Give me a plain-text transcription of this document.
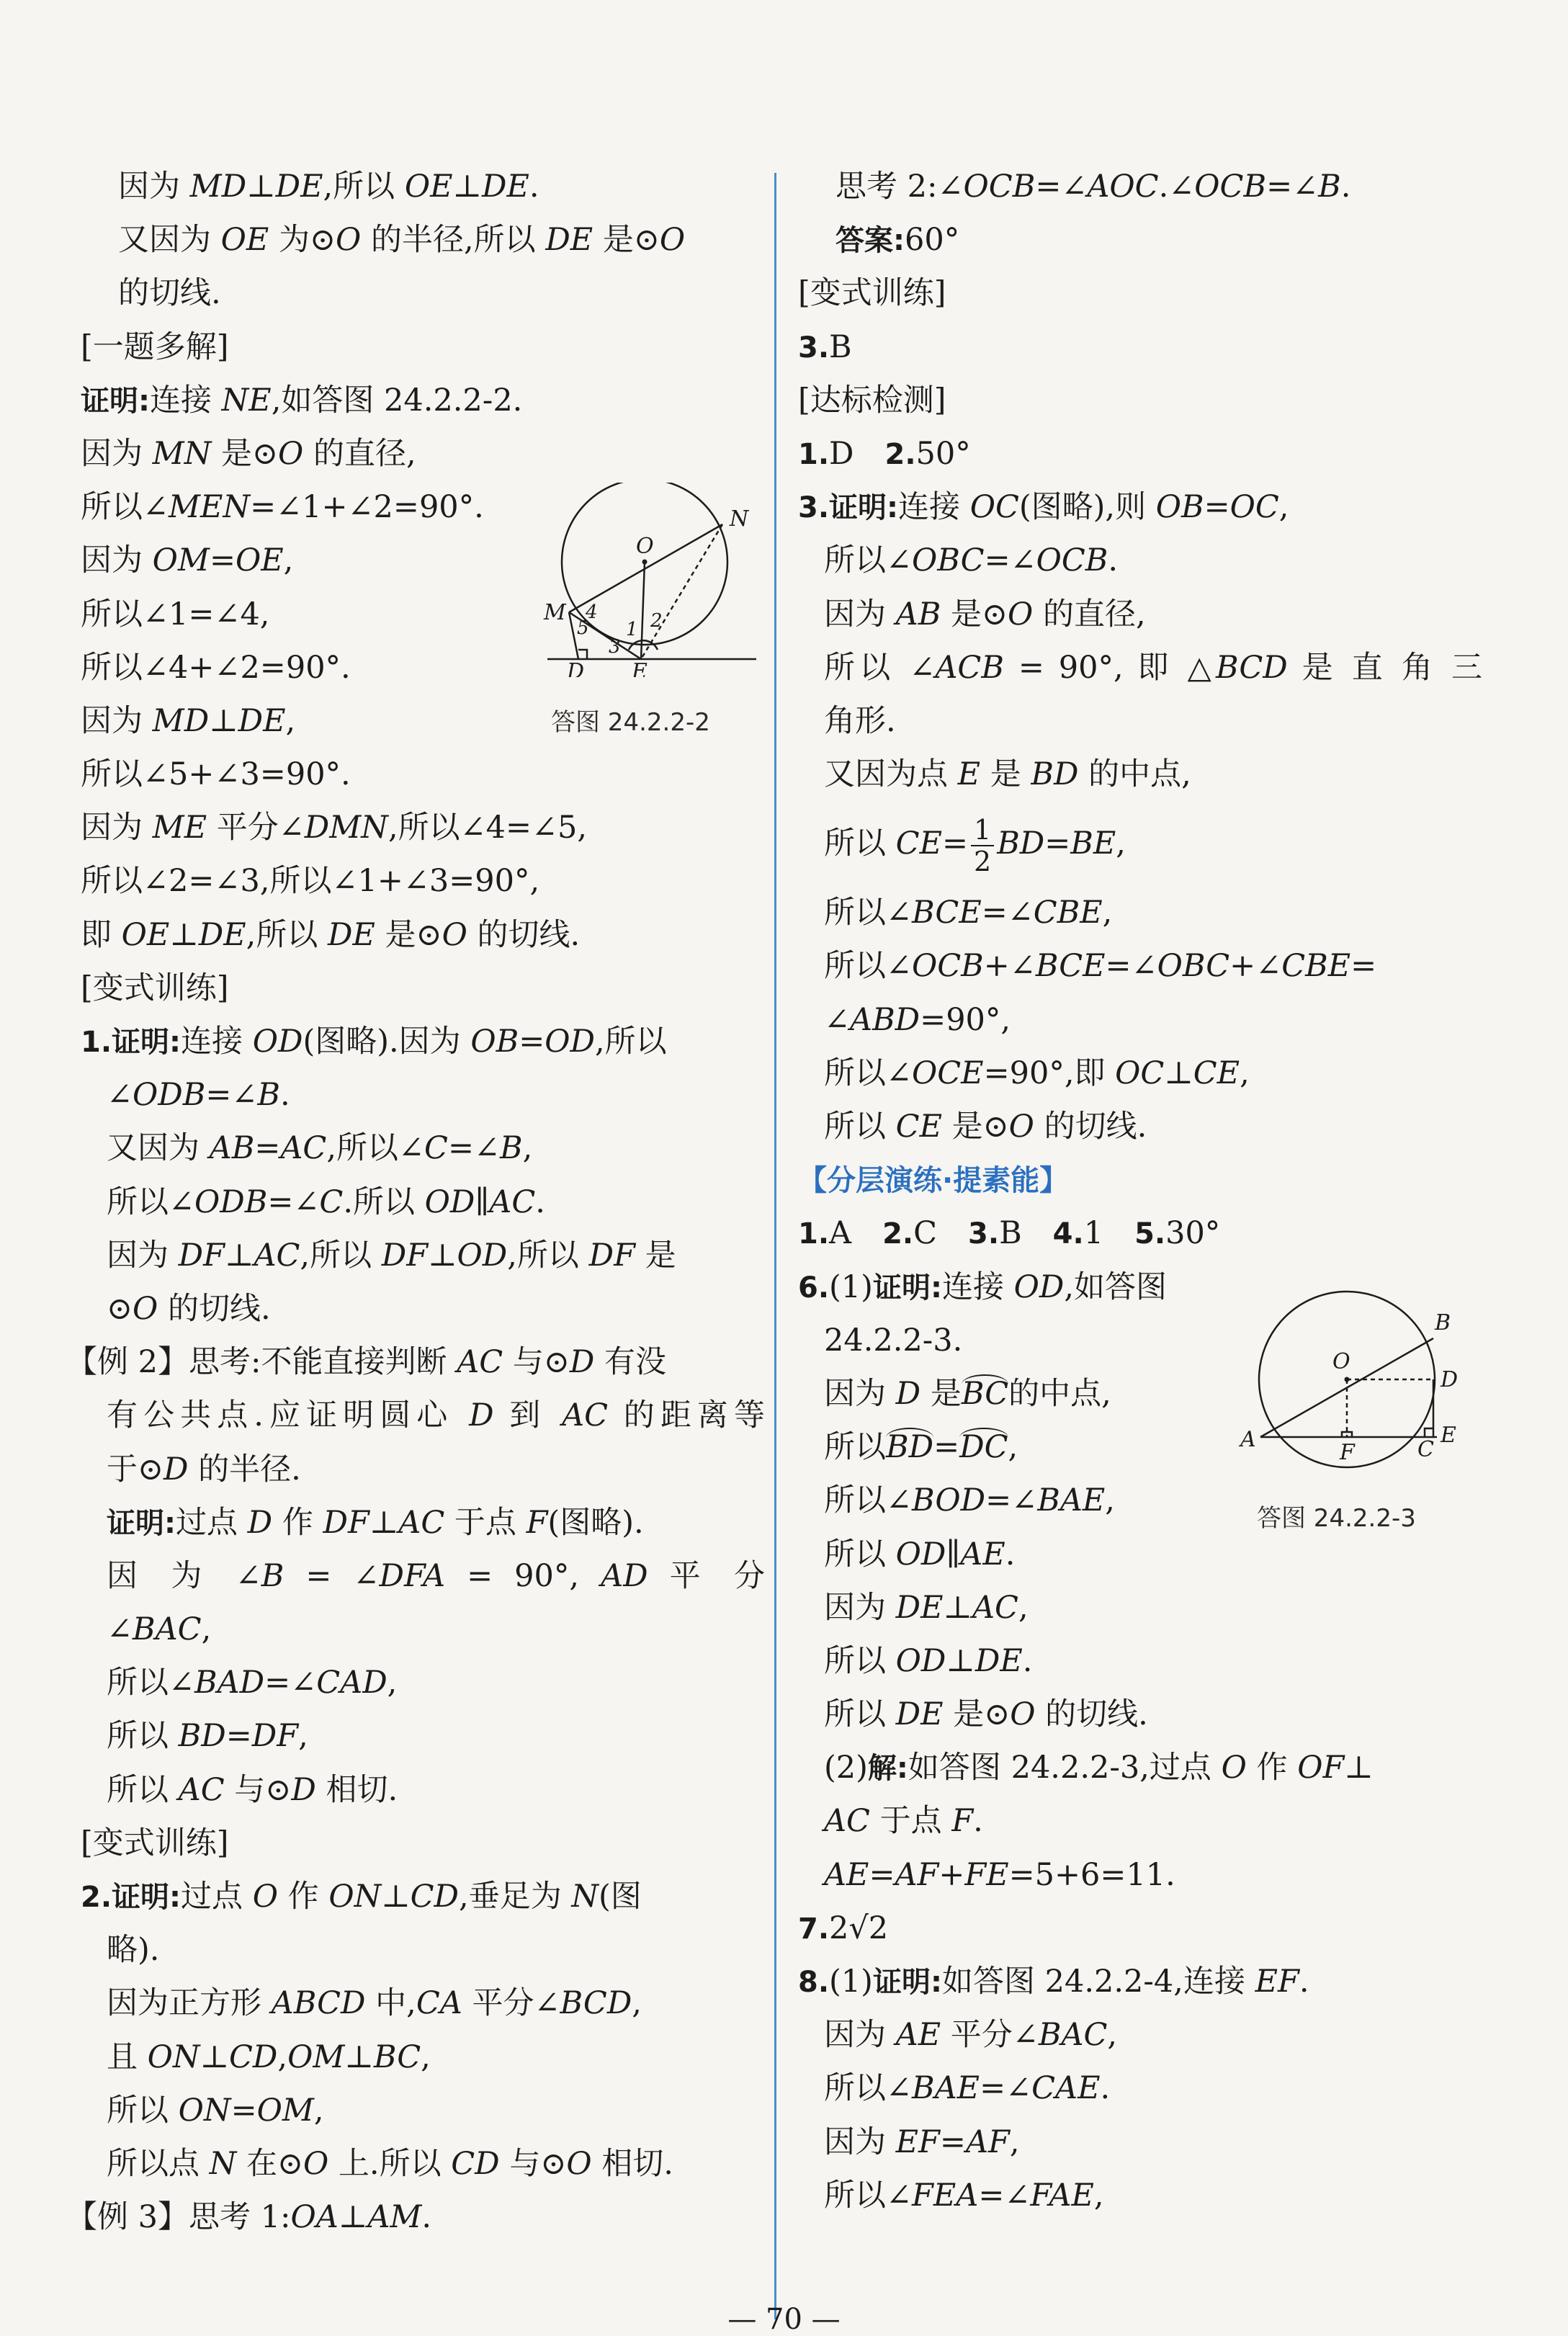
因为 MD⊥DE,所以 OE⊥DE.
又因为 OE 为⊙O 的半径,所以 DE 是⊙O
的切线.
[一题多解]
证明:连接 NE,如答图 24.2.2-2.
因为 MN 是⊙O 的直径,
所以∠MEN=∠1+∠2=90°.
因为 OM=OE,
所以∠1=∠4,
所以∠4+∠2=90°.
因为 MD⊥DE,
所以∠5+∠3=90°.
因为 ME 平分∠DMN,所以∠4=∠5,
所以∠2=∠3,所以∠1+∠3=90°,
即 OE⊥DE,所以 DE 是⊙O 的切线.
[变式训练]
1.证明:连接 OD(图略).因为 OB=OD,所以
∠ODB=∠B.
又因为 AB=AC,所以∠C=∠B,
所以∠ODB=∠C.所以 OD∥AC.
因为 DF⊥AC,所以 DF⊥OD,所以 DF 是
⊙O 的切线.
【例 2】思考:不能直接判断 AC 与⊙D 有没
有公共点.应证明圆心 D 到 AC 的距离等
于⊙D 的半径.
证明:过点 D 作 DF⊥AC 于点 F(图略).
因 为 ∠B = ∠DFA = 90°, AD 平 分
∠BAC,
所以∠BAD=∠CAD,
所以 BD=DF,
所以 AC 与⊙D 相切.
[变式训练]
2.证明:过点 O 作 ON⊥CD,垂足为 N(图
略).
因为正方形 ABCD 中,CA 平分∠BCD,
且 ON⊥CD,OM⊥BC,
所以 ON=OM,
所以点 N 在⊙O 上.所以 CD 与⊙O 相切.
【例 3】思考 1:OA⊥AM.
思考 2:∠OCB=∠AOC.∠OCB=∠B.
答案:60°
[变式训练]
3.B
[达标检测]
1.D　2.50°
3.证明:连接 OC(图略),则 OB=OC,
所以∠OBC=∠OCB.
因为 AB 是⊙O 的直径,
所以 ∠ACB = 90°, 即 △BCD 是 直 角 三
角形.
又因为点 E 是 BD 的中点,
所以 $CE= \frac{1}{2} BD=BE$,
所以∠BCE=∠CBE,
所以∠OCB+∠BCE=∠OBC+∠CBE=
∠ABD=90°,
所以∠OCE=90°,即 OC⊥CE,
所以 CE 是⊙O 的切线.
【分层演练·提素能】
1.A　2.C　3.B　4.1　5.30°
6.(1)证明:连接 OD,如答图
24.2.2-3.
因为 D 是BC的中点,
所以BD=DC,
所以∠BOD=∠BAE,
所以 OD∥AE.
因为 DE⊥AC,
所以 OD⊥DE.
所以 DE 是⊙O 的切线.
(2)解:如答图 24.2.2-3,过点 O 作 OF⊥
AC 于点 F.
AE=AF+FE=5+6=11.
7.2√2
8.(1)证明:如答图 24.2.2-4,连接 EF.
因为 AE 平分∠BAC,
所以∠BAE=∠CAE.
因为 EF=AF,
所以∠FEA=∠FAE,
O
N
M
D E
1 2
3
4
5
答图 24.2.2-2
O
A
B
C
D
E
F
答图 24.2.2-3
— 70 —
